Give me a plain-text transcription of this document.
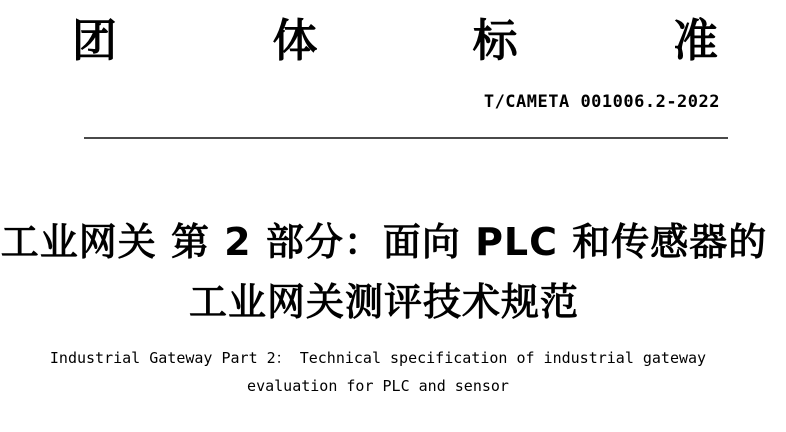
团	体	标	准
T/CAMETA 001006.2-2022
工业网关 第 2 部分：面向 PLC 和传感器的
工业网关测评技术规范
Industrial Gateway Part 2： Technical specification of industrial gateway
evaluation for PLC and sensor
